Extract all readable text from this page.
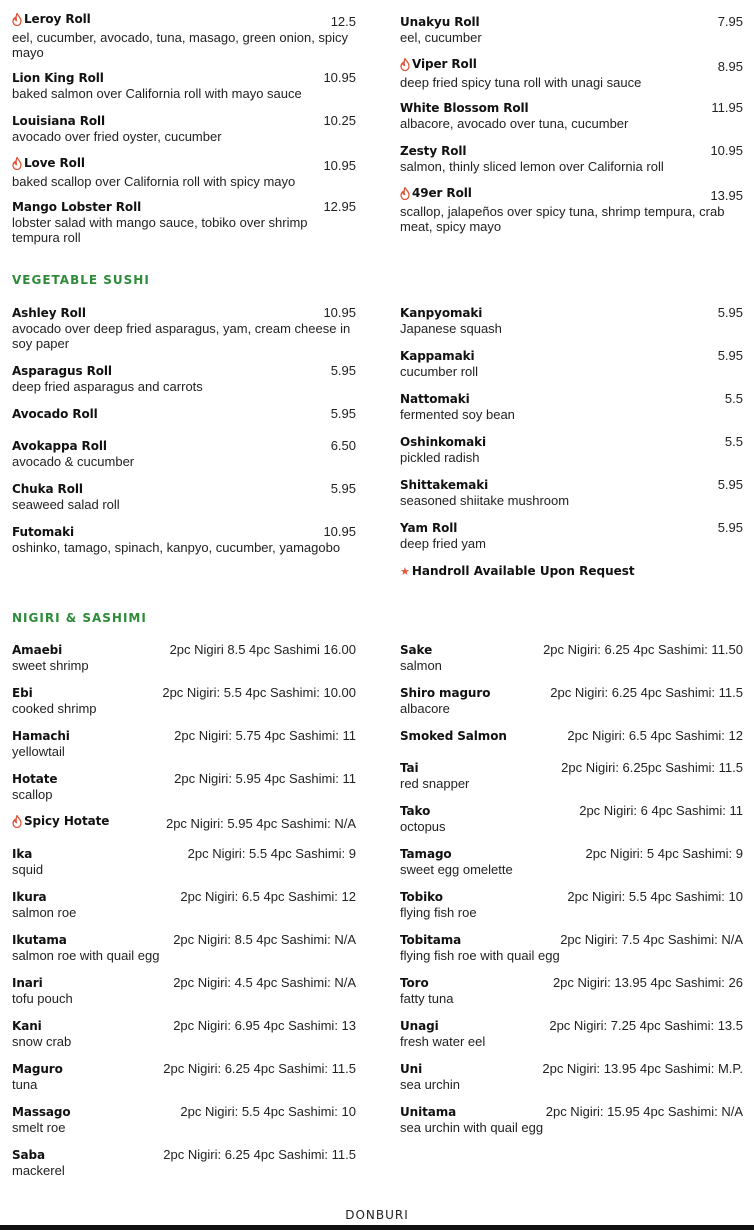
VEGETABLE SUSHI
NIGIRI & SASHIMI
Leroy Roll	12.5
eel, cucumber, avocado, tuna, masago, green onion, spicy mayo
Lion King Roll	10.95
baked salmon over California roll with mayo sauce
Louisiana Roll	10.25
avocado over fried oyster, cucumber
Love Roll	10.95
baked scallop over California roll with spicy mayo
Mango Lobster Roll	12.95
lobster salad with mango sauce, tobiko over shrimp tempura roll
Unakyu Roll	7.95
eel, cucumber
Viper Roll	8.95
deep fried spicy tuna roll with unagi sauce
White Blossom Roll	11.95
albacore, avocado over tuna, cucumber
Zesty Roll	10.95
salmon, thinly sliced lemon over California roll
49er Roll	13.95
scallop, jalapeños over spicy tuna, shrimp tempura, crab meat, spicy mayo
Ashley Roll	10.95
avocado over deep fried asparagus, yam, cream cheese in soy paper
Asparagus Roll	5.95
deep fried asparagus and carrots
Avocado Roll	5.95
Avokappa Roll	6.50
avocado & cucumber
Chuka Roll	5.95
seaweed salad roll
Futomaki	10.95
oshinko, tamago, spinach, kanpyo, cucumber, yamagobo
Kanpyomaki	5.95
Japanese squash
Kappamaki	5.95
cucumber roll
Nattomaki	5.5
fermented soy bean
Oshinkomaki	5.5
pickled radish
Shittakemaki	5.95
seasoned shiitake mushroom
Yam Roll	5.95
deep fried yam
Amaebi	2pc Nigiri 8.5 4pc Sashimi 16.00
sweet shrimp
Ebi	2pc Nigiri: 5.5 4pc Sashimi: 10.00
cooked shrimp
Hamachi	2pc Nigiri: 5.75 4pc Sashimi: 11
yellowtail
Hotate	2pc Nigiri: 5.95 4pc Sashimi: 11
scallop
Spicy Hotate	2pc Nigiri: 5.95 4pc Sashimi: N/A
Ika	2pc Nigiri: 5.5 4pc Sashimi: 9
squid
Ikura	2pc Nigiri: 6.5 4pc Sashimi: 12
salmon roe
Ikutama	2pc Nigiri: 8.5 4pc Sashimi: N/A
salmon roe with quail egg
Inari	2pc Nigiri: 4.5 4pc Sashimi: N/A
tofu pouch
Kani	2pc Nigiri: 6.95 4pc Sashimi: 13
snow crab
Maguro	2pc Nigiri: 6.25 4pc Sashimi: 11.5
tuna
Massago	2pc Nigiri: 5.5 4pc Sashimi: 10
smelt roe
Saba	2pc Nigiri: 6.25 4pc Sashimi: 11.5
mackerel
Sake	2pc Nigiri: 6.25 4pc Sashimi: 11.50
salmon
Shiro maguro	2pc Nigiri: 6.25 4pc Sashimi: 11.5
albacore
Smoked Salmon	2pc Nigiri: 6.5 4pc Sashimi: 12
Tai	2pc Nigiri: 6.25pc Sashimi: 11.5
red snapper
Tako	2pc Nigiri: 6 4pc Sashimi: 11
octopus
Tamago	2pc Nigiri: 5 4pc Sashimi: 9
sweet egg omelette
Tobiko	2pc Nigiri: 5.5 4pc Sashimi: 10
flying fish roe
Tobitama	2pc Nigiri: 7.5 4pc Sashimi: N/A
flying fish roe with quail egg
Toro	2pc Nigiri: 13.95 4pc Sashimi: 26
fatty tuna
Unagi	2pc Nigiri: 7.25 4pc Sashimi: 13.5
fresh water eel
Uni	2pc Nigiri: 13.95 4pc Sashimi: M.P.
sea urchin
Unitama	2pc Nigiri: 15.95 4pc Sashimi: N/A
sea urchin with quail egg
★ Handroll Available Upon Request
DONBURI
